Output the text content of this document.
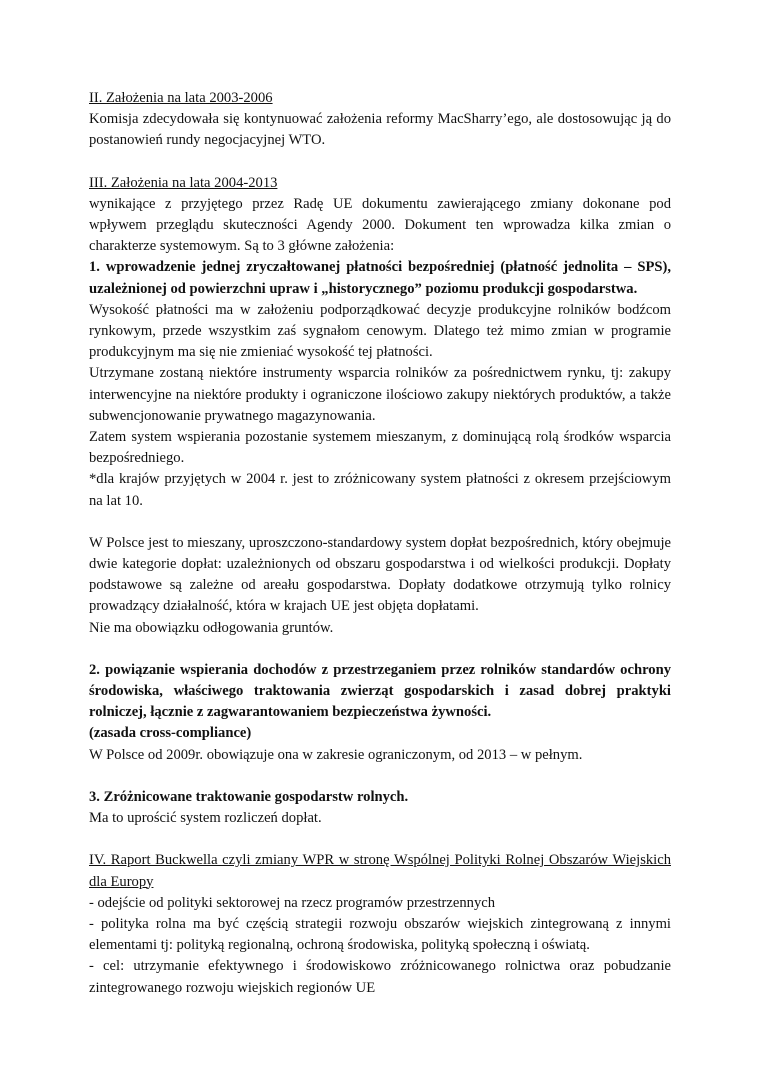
II. Założenia na lata 2003-2006

Komisja zdecydowała się kontynuować założenia reformy MacSharry’ego, ale dostosowując ją do postanowień rundy negocjacyjnej WTO.

III. Założenia na lata 2004-2013

wynikające z przyjętego przez Radę UE dokumentu zawierającego zmiany dokonane pod wpływem przeglądu skuteczności Agendy 2000. Dokument ten wprowadza kilka zmian o charakterze systemowym. Są to 3 główne założenia:

1. wprowadzenie jednej zryczałtowanej płatności bezpośredniej (płatność jednolita – SPS), uzależnionej od powierzchni upraw i „historycznego” poziomu produkcji gospodarstwa.

Wysokość płatności ma w założeniu podporządkować decyzje produkcyjne rolników bodźcom rynkowym, przede wszystkim zaś sygnałom cenowym. Dlatego też mimo zmian w programie produkcyjnym ma się nie zmieniać wysokość tej płatności.

Utrzymane zostaną niektóre instrumenty wsparcia rolników za pośrednictwem rynku, tj: zakupy interwencyjne na niektóre produkty i ograniczone ilościowo zakupy niektórych produktów, a także subwencjonowanie prywatnego magazynowania.

Zatem system wspierania pozostanie systemem mieszanym, z dominującą rolą środków wsparcia bezpośredniego.

*dla krajów przyjętych w 2004 r. jest to zróżnicowany system płatności z okresem przejściowym na lat 10.

W Polsce jest to mieszany, uproszczono-standardowy system dopłat bezpośrednich, który obejmuje dwie kategorie dopłat: uzależnionych od obszaru gospodarstwa i od wielkości produkcji. Dopłaty podstawowe są zależne od areału gospodarstwa. Dopłaty dodatkowe otrzymują tylko rolnicy prowadzący działalność, która w krajach UE jest objęta dopłatami.

Nie ma obowiązku odłogowania gruntów.

2. powiązanie wspierania dochodów z przestrzeganiem przez rolników standardów ochrony środowiska, właściwego traktowania zwierząt gospodarskich i zasad dobrej praktyki rolniczej, łącznie z zagwarantowaniem bezpieczeństwa żywności.

(zasada cross-compliance)

W Polsce od 2009r. obowiązuje ona w zakresie ograniczonym, od 2013 – w pełnym.

3. Zróżnicowane traktowanie gospodarstw rolnych.

Ma to uprościć system rozliczeń dopłat.

IV. Raport Buckwella czyli zmiany WPR w stronę Wspólnej Polityki Rolnej Obszarów Wiejskich dla Europy

- odejście od polityki sektorowej na rzecz programów przestrzennych

- polityka rolna ma być częścią strategii rozwoju obszarów wiejskich zintegrowaną z innymi elementami tj: polityką regionalną, ochroną środowiska, polityką społeczną i oświatą.

- cel: utrzymanie efektywnego i środowiskowo zróżnicowanego rolnictwa oraz pobudzanie zintegrowanego rozwoju wiejskich regionów UE
